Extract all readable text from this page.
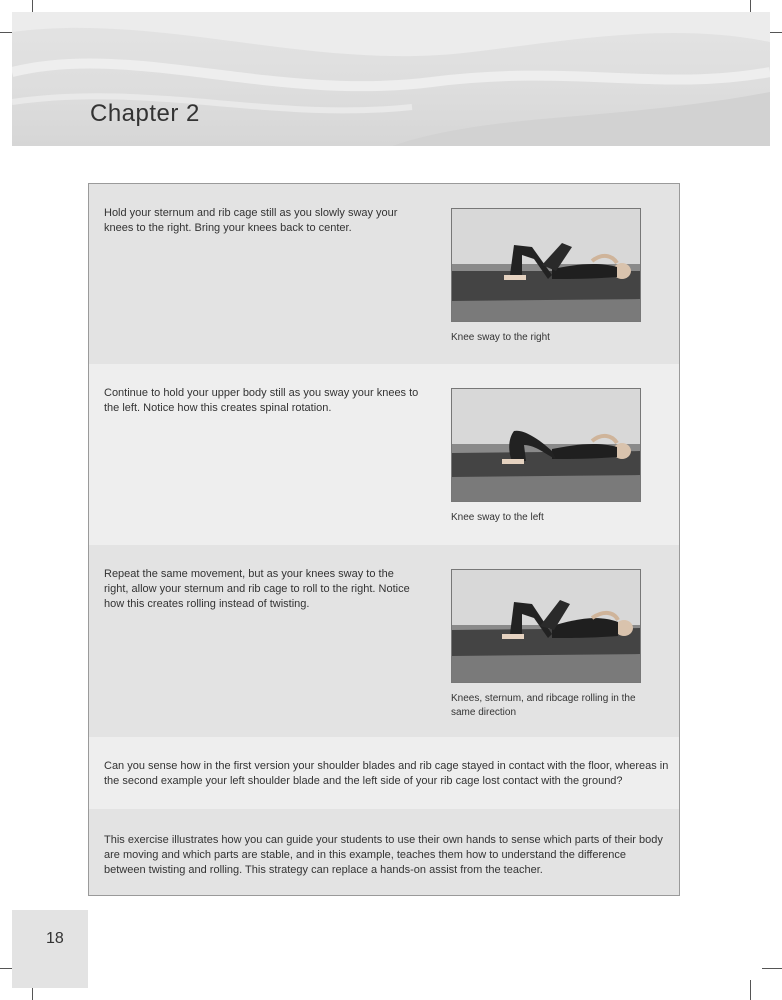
Chapter 2

Hold your sternum and rib cage still as you slowly sway your knees to the right. Bring your knees back to center.

Knee sway to the right

Continue to hold your upper body still as you sway your knees to the left. Notice how this creates spinal rotation.

Knee sway to the left

Repeat the same movement, but as your knees sway to the right, allow your sternum and rib cage to roll to the right. Notice how this creates rolling instead of twisting.

Knees, sternum, and ribcage rolling in the same direction

Can you sense how in the first version your shoulder blades and rib cage stayed in contact with the floor, whereas in the second example your left shoulder blade and the left side of your rib cage lost contact with the ground?

This exercise illustrates how you can guide your students to use their own hands to sense which parts of their body are moving and which parts are stable, and in this example, teaches them how to understand the difference between twisting and rolling. This strategy can replace a hands-on assist from the teacher.

18
